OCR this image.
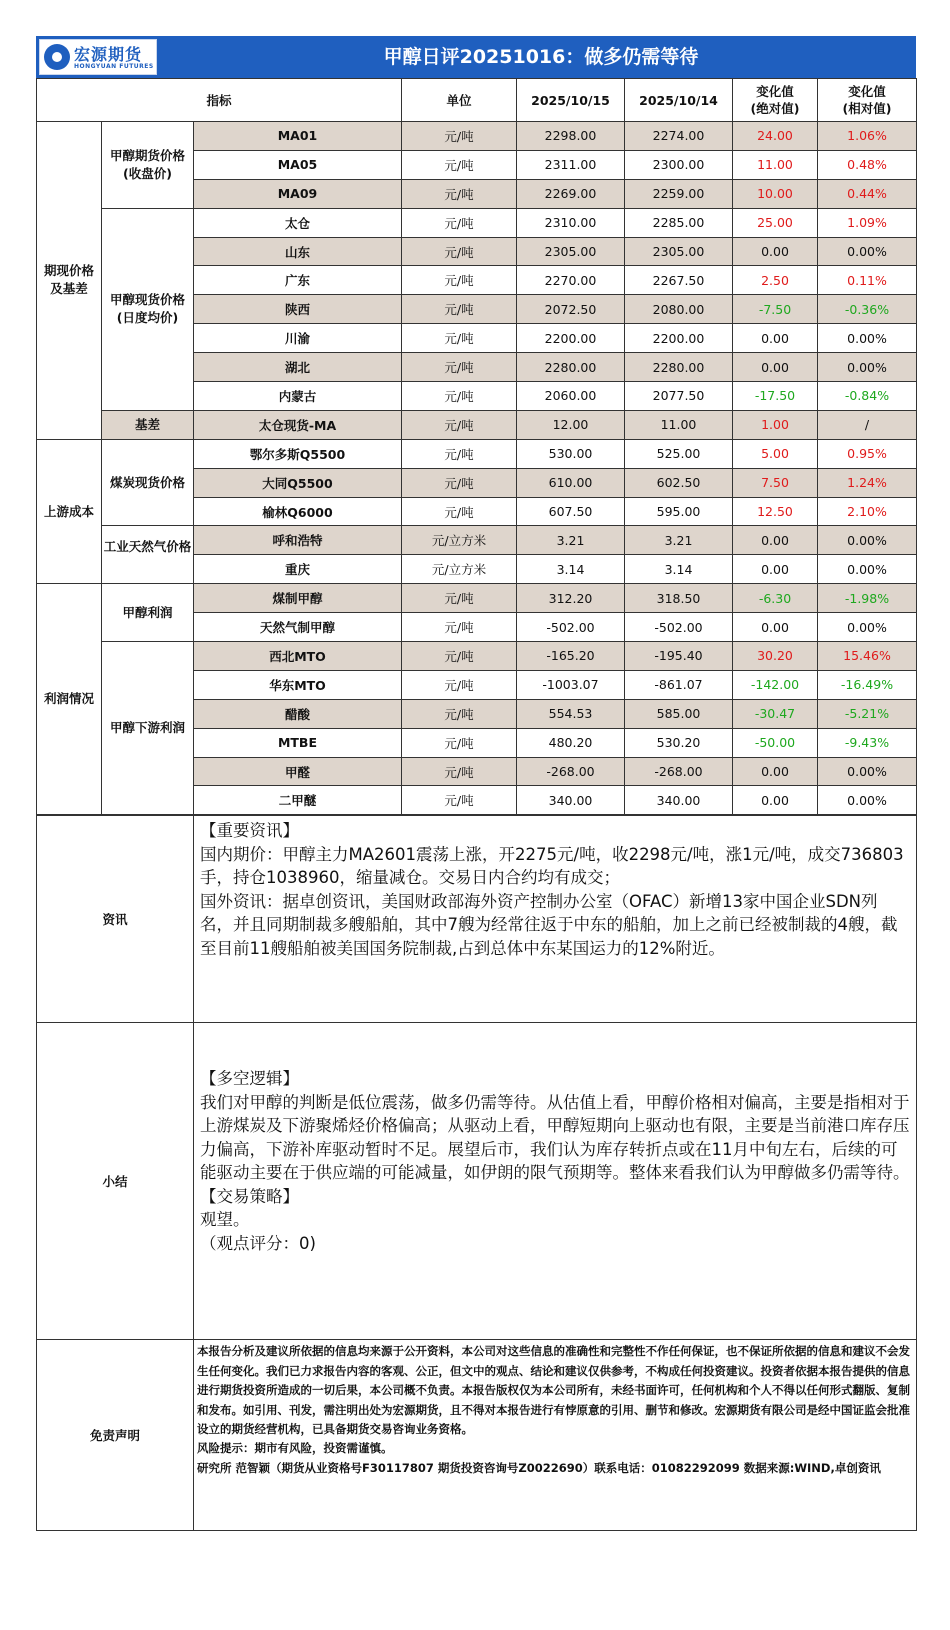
宏源期货
HONGYUAN FUTURES	甲醇日评20251016：做多仍需等待
指标			单位	2025/10/15	2025/10/14	变化值
(绝对值)	变化值
(相对值)
期现价格
及基差	甲醇期货价格
(收盘价)	MA01	元/吨	2298.00	2274.00	24.00	1.06%
		MA05	元/吨	2311.00	2300.00	11.00	0.48%
		MA09	元/吨	2269.00	2259.00	10.00	0.44%
	甲醇现货价格
(日度均价)	太仓	元/吨	2310.00	2285.00	25.00	1.09%
		山东	元/吨	2305.00	2305.00	0.00	0.00%
		广东	元/吨	2270.00	2267.50	2.50	0.11%
		陕西	元/吨	2072.50	2080.00	-7.50	-0.36%
		川渝	元/吨	2200.00	2200.00	0.00	0.00%
		湖北	元/吨	2280.00	2280.00	0.00	0.00%
		内蒙古	元/吨	2060.00	2077.50	-17.50	-0.84%
	基差	太仓现货-MA	元/吨	12.00	11.00	1.00	/
上游成本	煤炭现货价格	鄂尔多斯Q5500	元/吨	530.00	525.00	5.00	0.95%
		大同Q5500	元/吨	610.00	602.50	7.50	1.24%
		榆林Q6000	元/吨	607.50	595.00	12.50	2.10%
	工业天然气价格	呼和浩特	元/立方米	3.21	3.21	0.00	0.00%
		重庆	元/立方米	3.14	3.14	0.00	0.00%
利润情况	甲醇利润	煤制甲醇	元/吨	312.20	318.50	-6.30	-1.98%
		天然气制甲醇	元/吨	-502.00	-502.00	0.00	0.00%
	甲醇下游利润	西北MTO	元/吨	-165.20	-195.40	30.20	15.46%
		华东MTO	元/吨	-1003.07	-861.07	-142.00	-16.49%
		醋酸	元/吨	554.53	585.00	-30.47	-5.21%
		MTBE	元/吨	480.20	530.20	-50.00	-9.43%
		甲醛	元/吨	-268.00	-268.00	0.00	0.00%
		二甲醚	元/吨	340.00	340.00	0.00	0.00%
资讯	【重要资讯】
国内期价：甲醇主力MA2601震荡上涨，开2275元/吨，收2298元/吨，涨1元/吨，成交736803手，持仓1038960，缩量减仓。交易日内合约均有成交；
国外资讯：据卓创资讯，美国财政部海外资产控制办公室（OFAC）新增13家中国企业SDN列名，并且同期制裁多艘船舶，其中7艘为经常往返于中东的船舶，加上之前已经被制裁的4艘，截至目前11艘船舶被美国国务院制裁,占到总体中东某国运力的12%附近。

小结	【多空逻辑】
我们对甲醇的判断是低位震荡，做多仍需等待。从估值上看，甲醇价格相对偏高，主要是指相对于上游煤炭及下游聚烯烃价格偏高；从驱动上看，甲醇短期向上驱动也有限，主要是当前港口库存压力偏高，下游补库驱动暂时不足。展望后市，我们认为库存转折点或在11月中旬左右，后续的可能驱动主要在于供应端的可能减量，如伊朗的限气预期等。整体来看我们认为甲醇做多仍需等待。
【交易策略】
观望。
（观点评分：0)

免责声明	本报告分析及建议所依据的信息均来源于公开资料，本公司对这些信息的准确性和完整性不作任何保证，也不保证所依据的信息和建议不会发生任何变化。我们已力求报告内容的客观、公正，但文中的观点、结论和建议仅供参考，不构成任何投资建议。投资者依据本报告提供的信息进行期货投资所造成的一切后果，本公司概不负责。本报告版权仅为本公司所有，未经书面许可，任何机构和个人不得以任何形式翻版、复制和发布。如引用、刊发，需注明出处为宏源期货，且不得对本报告进行有悖原意的引用、删节和修改。宏源期货有限公司是经中国证监会批准设立的期货经营机构，已具备期货交易咨询业务资格。
风险提示：期市有风险，投资需谨慎。
研究所 范智颖（期货从业资格号F30117807 期货投资咨询号Z0022690）联系电话：01082292099 数据来源:WIND,卓创资讯
